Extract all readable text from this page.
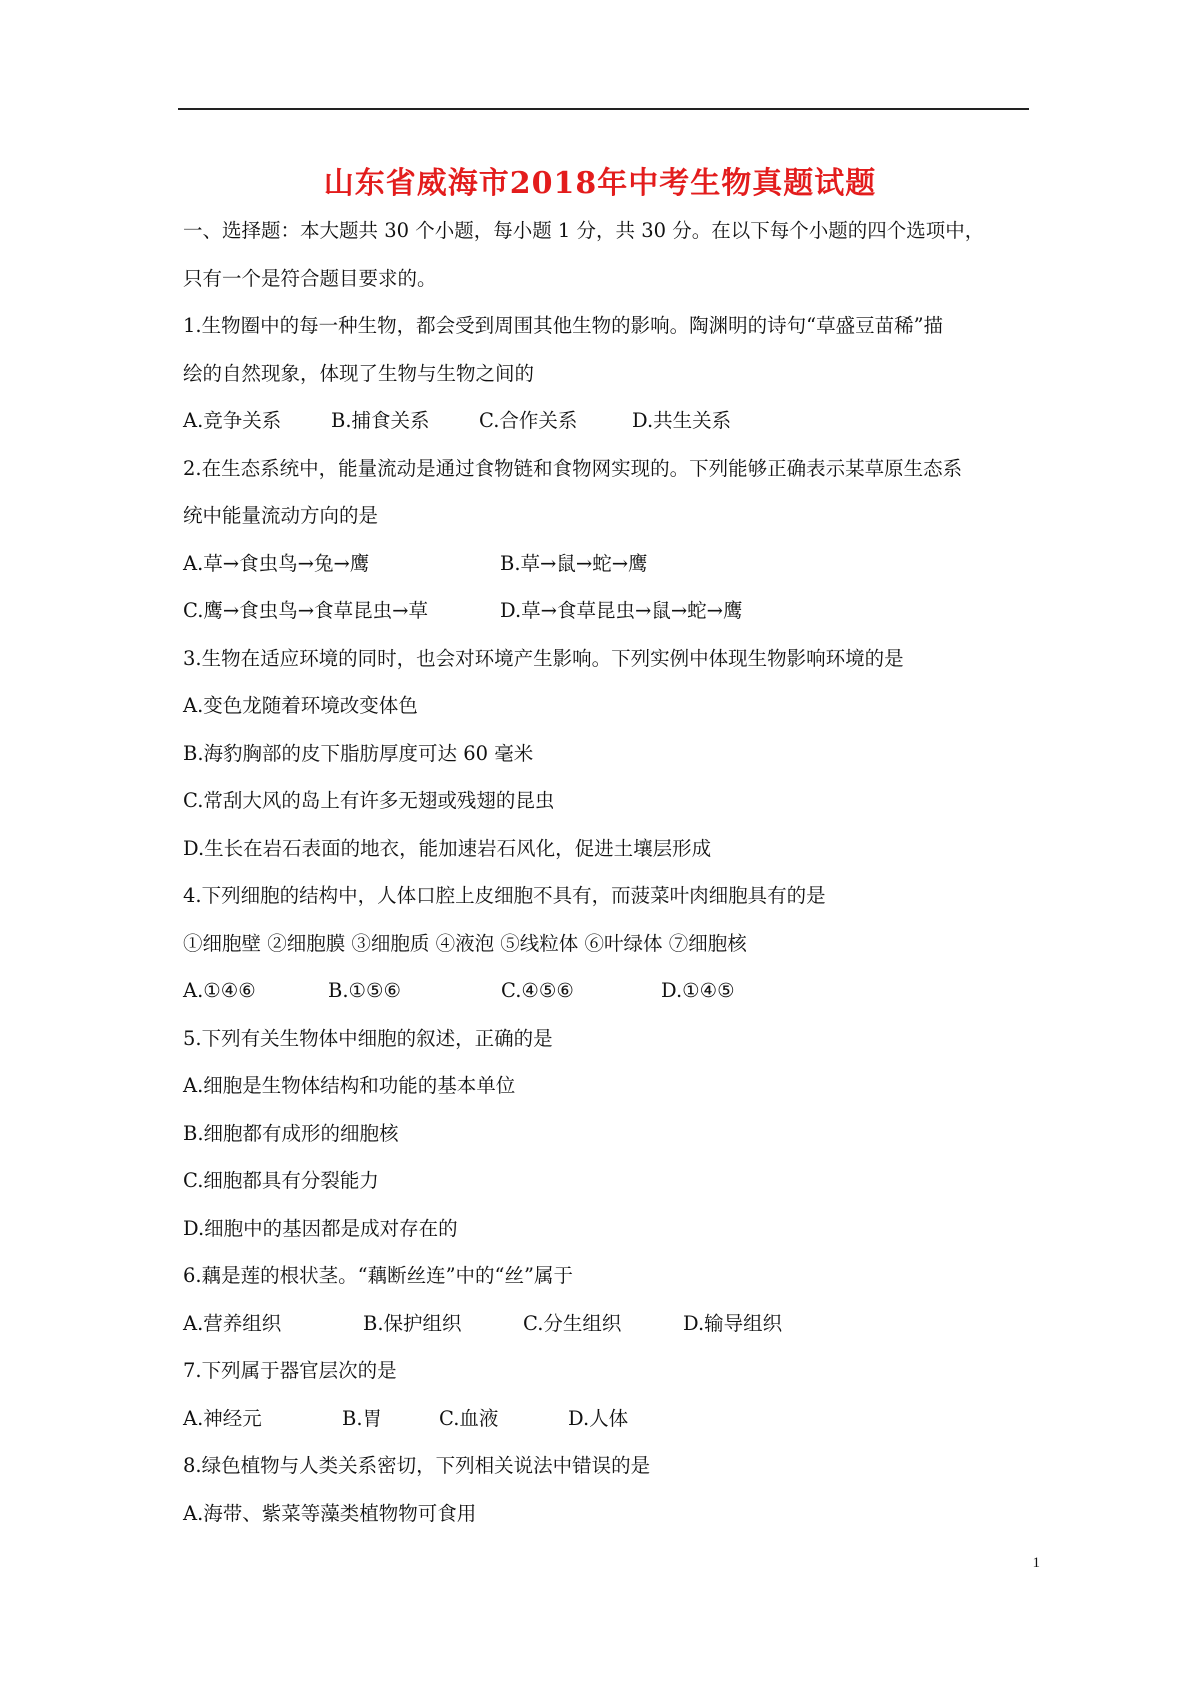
山东省威海市2018年中考生物真题试题
一、选择题：本大题共 30 个小题，每小题 1 分，共 30 分。在以下每个小题的四个选项中，
只有一个是符合题目要求的。
1.生物圈中的每一种生物，都会受到周围其他生物的影响。陶渊明的诗句“草盛豆苗稀”描
绘的自然现象，体现了生物与生物之间的
A.竞争关系	B.捕食关系	C.合作关系	D.共生关系
2.在生态系统中，能量流动是通过食物链和食物网实现的。下列能够正确表示某草原生态系
统中能量流动方向的是
A.草→食虫鸟→兔→鹰	B.草→鼠→蛇→鹰
C.鹰→食虫鸟→食草昆虫→草	D.草→食草昆虫→鼠→蛇→鹰
3.生物在适应环境的同时，也会对环境产生影响。下列实例中体现生物影响环境的是
A.变色龙随着环境改变体色
B.海豹胸部的皮下脂肪厚度可达 60 毫米
C.常刮大风的岛上有许多无翅或残翅的昆虫
D.生长在岩石表面的地衣，能加速岩石风化，促进土壤层形成
4.下列细胞的结构中，人体口腔上皮细胞不具有，而菠菜叶肉细胞具有的是
①细胞壁 ②细胞膜 ③细胞质 ④液泡 ⑤线粒体 ⑥叶绿体 ⑦细胞核
A.①④⑥	B.①⑤⑥	C.④⑤⑥	D.①④⑤
5.下列有关生物体中细胞的叙述，正确的是
A.细胞是生物体结构和功能的基本单位
B.细胞都有成形的细胞核
C.细胞都具有分裂能力
D.细胞中的基因都是成对存在的
6.藕是莲的根状茎。“藕断丝连”中的“丝”属于
A.营养组织	B.保护组织	C.分生组织	D.输导组织
7.下列属于器官层次的是
A.神经元	B.胃	C.血液	D.人体
8.绿色植物与人类关系密切，下列相关说法中错误的是
A.海带、紫菜等藻类植物物可食用
1
